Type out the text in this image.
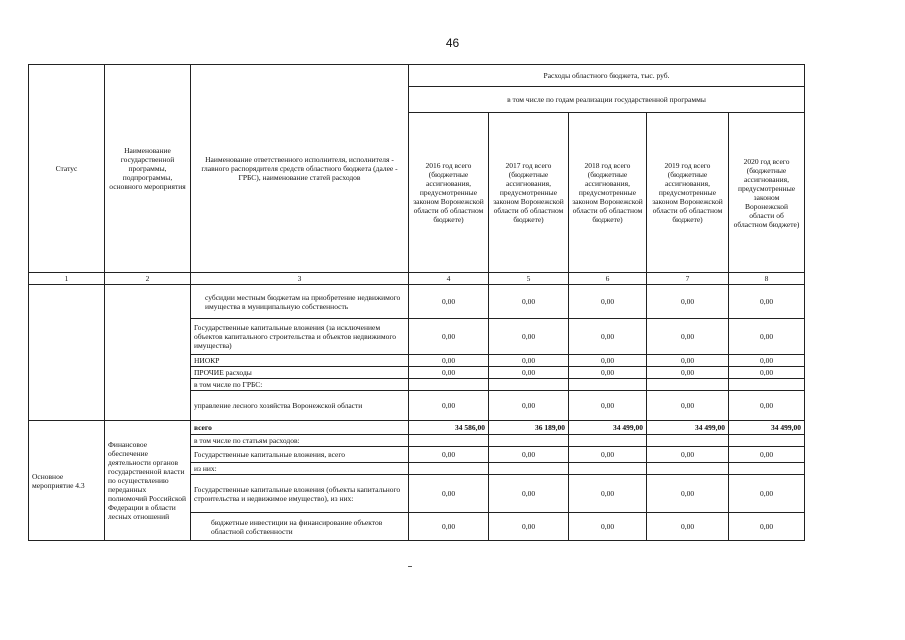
46
Статус	Наименование государственной программы, подпрограммы, основного мероприятия	Наименование ответственного исполнителя, исполнителя - главного распорядителя средств областного бюджета (далее - ГРБС), наименование статей расходов	Расходы областного бюджета, тыс. руб.				
			в том числе по годам реализации государственной программы				
			2016 год всего (бюджетные ассигнования, предусмотренные законом Воронежской области об областном бюджете)	2017 год всего (бюджетные ассигнования, предусмотренные законом Воронежской области об областном бюджете)	2018 год всего (бюджетные ассигнования, предусмотренные законом Воронежской области об областном бюджете)	2019 год всего (бюджетные ассигнования, предусмотренные законом Воронежской области об областном бюджете)	2020 год всего (бюджетные ассигнования, предусмотренные законом Воронежской области об областном бюджете)
1	2	3	4	5	6	7	8
		субсидии местным бюджетам на приобретение недвижимого имущества в муниципальную собственность	0,00	0,00	0,00	0,00	0,00
		Государственные капитальные вложения (за исключением объектов капитального строительства и объектов недвижимого имущества)	0,00	0,00	0,00	0,00	0,00
		НИОКР	0,00	0,00	0,00	0,00	0,00
		ПРОЧИЕ расходы	0,00	0,00	0,00	0,00	0,00
		в том числе по ГРБС:					
		управление лесного хозяйства Воронежской области	0,00	0,00	0,00	0,00	0,00
Основное мероприятие 4.3	Финансовое обеспечение деятельности органов государственной власти по осуществлению переданных полномочий Российской Федерации в области лесных отношений	всего	34 586,00	36 189,00	34 499,00	34 499,00	34 499,00
		в том числе по статьям расходов:					
		Государственные капитальные вложения, всего	0,00	0,00	0,00	0,00	0,00
		из них:					
		Государственные капитальные вложения (объекты капитального строительства и недвижимое имущество), из них:	0,00	0,00	0,00	0,00	0,00
		бюджетные инвестиции на финансирование объектов областной собственности	0,00	0,00	0,00	0,00	0,00
